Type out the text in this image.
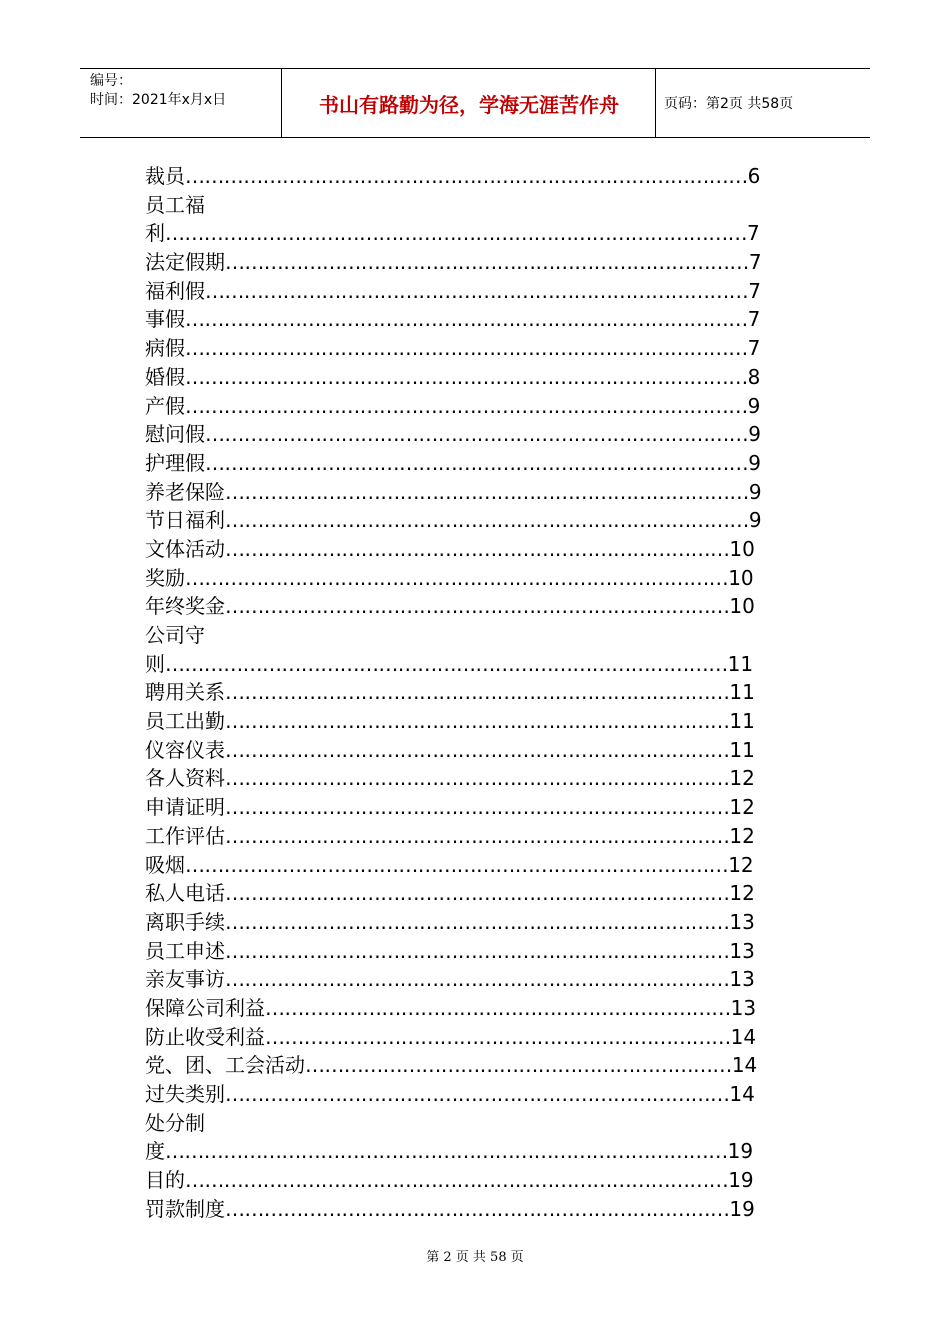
编号：
时间：2021年x月x日	书山有路勤为径，学海无涯苦作舟	页码：第2页 共58页
裁员……………………………………………………………………………6
员工福
利………………………………………………………………………………7
法定假期………………………………………………………………………7
福利假…………………………………………………………………………7
事假……………………………………………………………………………7
病假……………………………………………………………………………7
婚假……………………………………………………………………………8
产假……………………………………………………………………………9
慰问假…………………………………………………………………………9
护理假…………………………………………………………………………9
养老保险………………………………………………………………………9
节日福利………………………………………………………………………9
文体活动……………………………………………………………………10
奖励…………………………………………………………………………10
年终奖金……………………………………………………………………10
公司守
则……………………………………………………………………………11
聘用关系……………………………………………………………………11
员工出勤……………………………………………………………………11
仪容仪表……………………………………………………………………11
各人资料……………………………………………………………………12
申请证明……………………………………………………………………12
工作评估……………………………………………………………………12
吸烟…………………………………………………………………………12
私人电话……………………………………………………………………12
离职手续……………………………………………………………………13
员工申述……………………………………………………………………13
亲友事访……………………………………………………………………13
保障公司利益………………………………………………………………13
防止收受利益………………………………………………………………14
党、团、工会活动…………………………………………………………14
过失类别……………………………………………………………………14
处分制
度……………………………………………………………………………19
目的…………………………………………………………………………19
罚款制度……………………………………………………………………19
第 2 页 共 58 页
